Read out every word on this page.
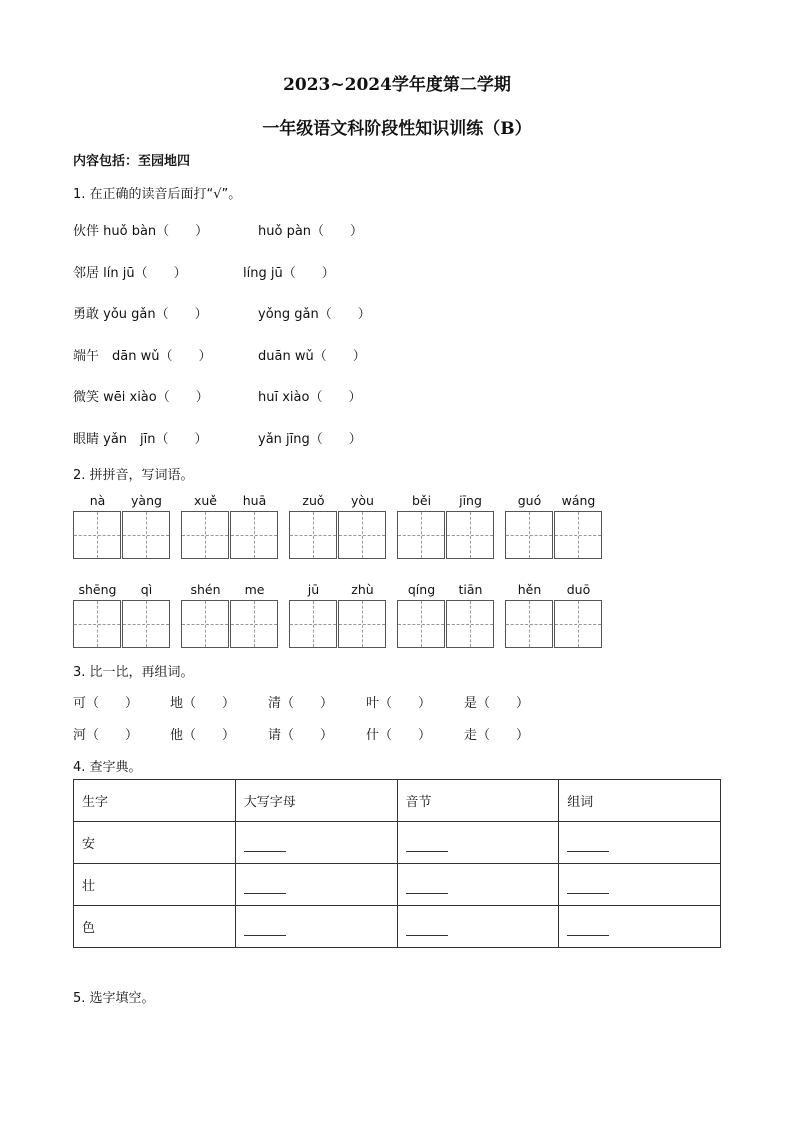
2023~2024学年度第二学期
一年级语文科阶段性知识训练（B）
内容包括：至园地四
1. 在正确的读音后面打“√”。
伙伴 huǒ bàn（　　）	huǒ pàn（　　）
邻居 lín jū（　　）	líng jū（　　）
勇敢 yǒu gǎn（　　）	yǒng gǎn（　　）
端午　dān wǔ（　　）	duān wǔ（　　）
微笑 wēi xiào（　　）	huī xiào（　　）
眼睛 yǎn　jīn（　　）	yǎn jīng（　　）
2. 拼拼音，写词语。
nà	yàng	xuě	huā	zuǒ	yòu	běi	jīng	guó	wáng
shēng	qì	shén	me	jū	zhù	qíng	tiān	hěn	duō
3. 比一比，再组词。
可（　　） 地（　　）	清（　　）	叶（　　）	是（　　）
河（　　） 他（　　）	请（　　）	什（　　）	走（　　）
4. 查字典。
生字	大写字母	音节	组词
安			
壮			
色			
5. 选字填空。
